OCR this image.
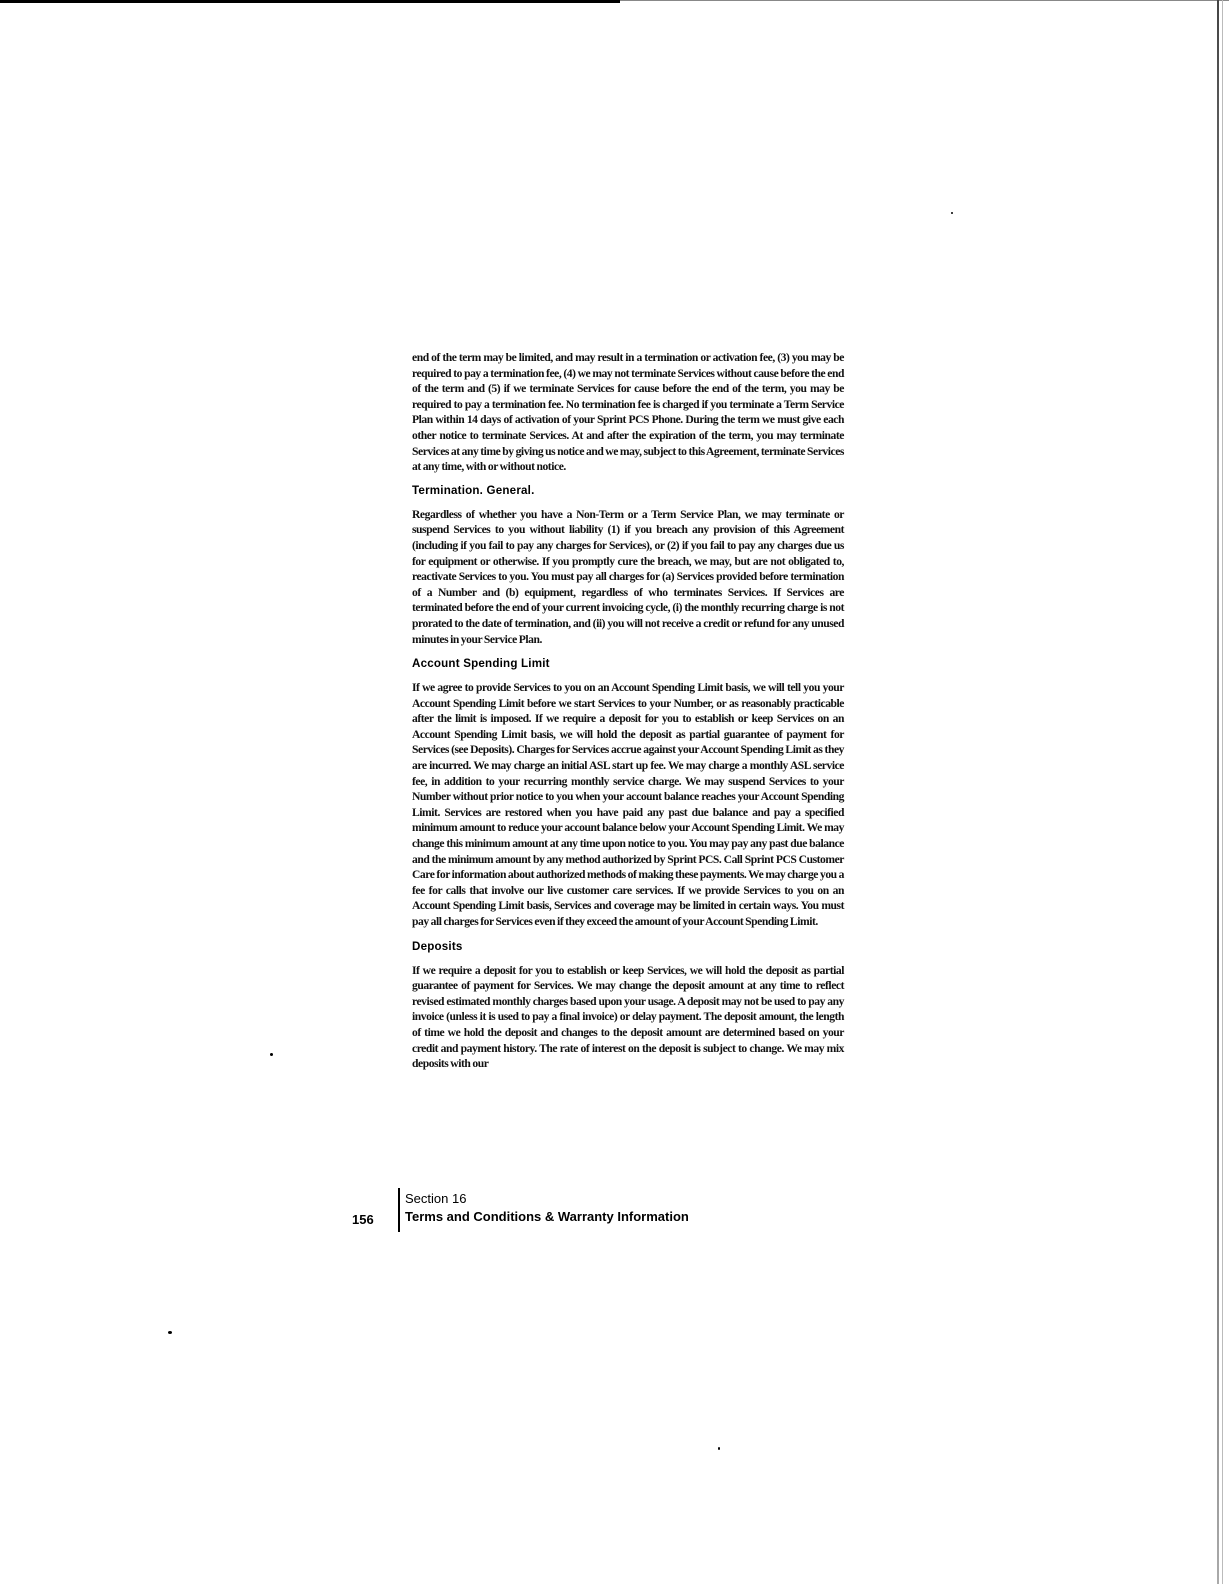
end of the term may be limited, and may result in a termination or activation fee, (3) you may be required to pay a termination fee, (4) we may not terminate Services without cause before the end of the term and (5) if we terminate Services for cause before the end of the term, you may be required to pay a termination fee. No termination fee is charged if you terminate a Term Service Plan within 14 days of activation of your Sprint PCS Phone. During the term we must give each other notice to terminate Services. At and after the expiration of the term, you may terminate Services at any time by giving us notice and we may, subject to this Agreement, terminate Services at any time, with or without notice.

Termination. General.

Regardless of whether you have a Non-Term or a Term Service Plan, we may terminate or suspend Services to you without liability (1) if you breach any provision of this Agreement (including if you fail to pay any charges for Services), or (2) if you fail to pay any charges due us for equipment or otherwise. If you promptly cure the breach, we may, but are not obligated to, reactivate Services to you. You must pay all charges for (a) Services provided before termination of a Number and (b) equipment, regardless of who terminates Services. If Services are terminated before the end of your current invoicing cycle, (i) the monthly recurring charge is not prorated to the date of termination, and (ii) you will not receive a credit or refund for any unused minutes in your Service Plan.

Account Spending Limit

If we agree to provide Services to you on an Account Spending Limit basis, we will tell you your Account Spending Limit before we start Services to your Number, or as reasonably practicable after the limit is imposed. If we require a deposit for you to establish or keep Services on an Account Spending Limit basis, we will hold the deposit as partial guarantee of payment for Services (see Deposits). Charges for Services accrue against your Account Spending Limit as they are incurred. We may charge an initial ASL start up fee. We may charge a monthly ASL service fee, in addition to your recurring monthly service charge. We may suspend Services to your Number without prior notice to you when your account balance reaches your Account Spending Limit. Services are restored when you have paid any past due balance and pay a specified minimum amount to reduce your account balance below your Account Spending Limit. We may change this minimum amount at any time upon notice to you. You may pay any past due balance and the minimum amount by any method authorized by Sprint PCS. Call Sprint PCS Customer Care for information about authorized methods of making these payments. We may charge you a fee for calls that involve our live customer care services. If we provide Services to you on an Account Spending Limit basis, Services and coverage may be limited in certain ways. You must pay all charges for Services even if they exceed the amount of your Account Spending Limit.

Deposits

If we require a deposit for you to establish or keep Services, we will hold the deposit as partial guarantee of payment for Services. We may change the deposit amount at any time to reflect revised estimated monthly charges based upon your usage. A deposit may not be used to pay any invoice (unless it is used to pay a final invoice) or delay payment. The deposit amount, the length of time we hold the deposit and changes to the deposit amount are determined based on your credit and payment history. The rate of interest on the deposit is subject to change. We may mix deposits with our

156
Section 16
Terms and Conditions & Warranty Information
